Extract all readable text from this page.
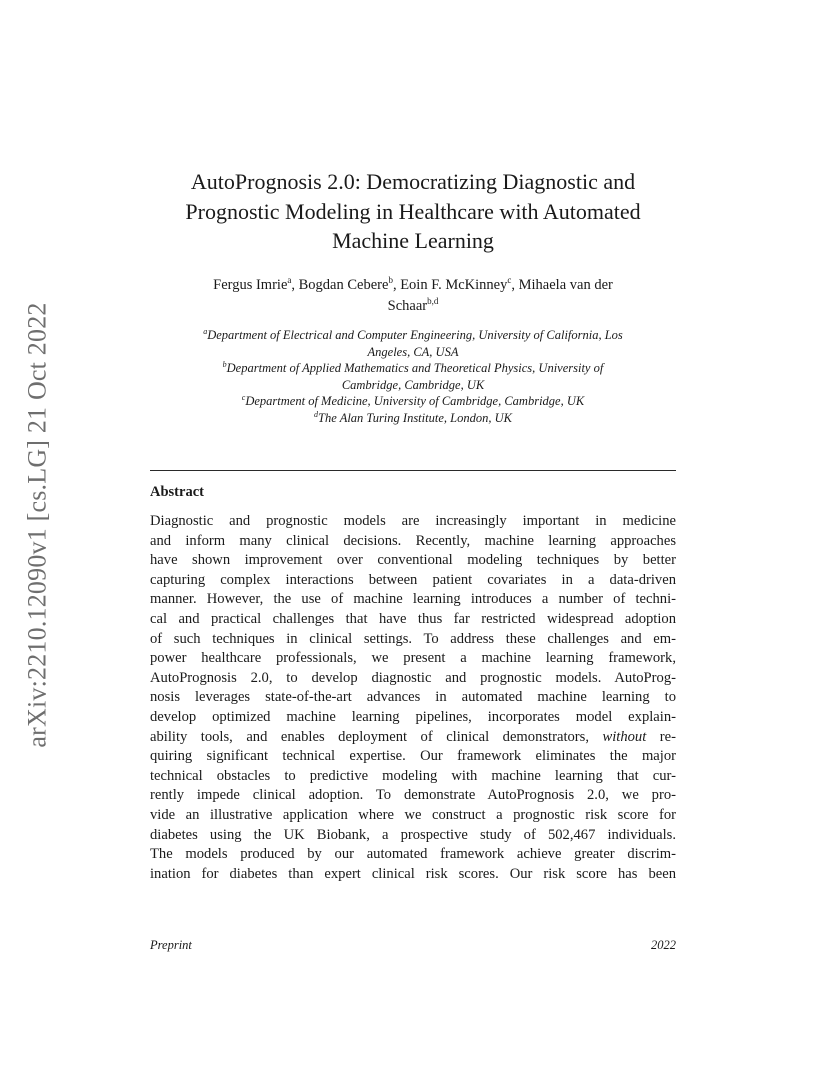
arXiv:2210.12090v1 [cs.LG] 21 Oct 2022
AutoPrognosis 2.0: Democratizing Diagnostic and
Prognostic Modeling in Healthcare with Automated
Machine Learning
Fergus Imrie$^a$, Bogdan Cebere$^b$, Eoin F. McKinney$^c$, Mihaela van der
Schaar$^{b,d}$
$^a$Department of Electrical and Computer Engineering, University of California, Los
Angeles, CA, USA
$^b$Department of Applied Mathematics and Theoretical Physics, University of
Cambridge, Cambridge, UK
$^c$Department of Medicine, University of Cambridge, Cambridge, UK
$^d$The Alan Turing Institute, London, UK
Abstract
Diagnostic and prognostic models are increasingly important in medicine
and inform many clinical decisions. Recently, machine learning approaches
have shown improvement over conventional modeling techniques by better
capturing complex interactions between patient covariates in a data-driven
manner. However, the use of machine learning introduces a number of techni-
cal and practical challenges that have thus far restricted widespread adoption
of such techniques in clinical settings. To address these challenges and em-
power healthcare professionals, we present a machine learning framework,
AutoPrognosis 2.0, to develop diagnostic and prognostic models. AutoProg-
nosis leverages state-of-the-art advances in automated machine learning to
develop optimized machine learning pipelines, incorporates model explain-
ability tools, and enables deployment of clinical demonstrators, without re-
quiring significant technical expertise. Our framework eliminates the major
technical obstacles to predictive modeling with machine learning that cur-
rently impede clinical adoption. To demonstrate AutoPrognosis 2.0, we pro-
vide an illustrative application where we construct a prognostic risk score for
diabetes using the UK Biobank, a prospective study of 502,467 individuals.
The models produced by our automated framework achieve greater discrim-
ination for diabetes than expert clinical risk scores. Our risk score has been
Preprint	2022
